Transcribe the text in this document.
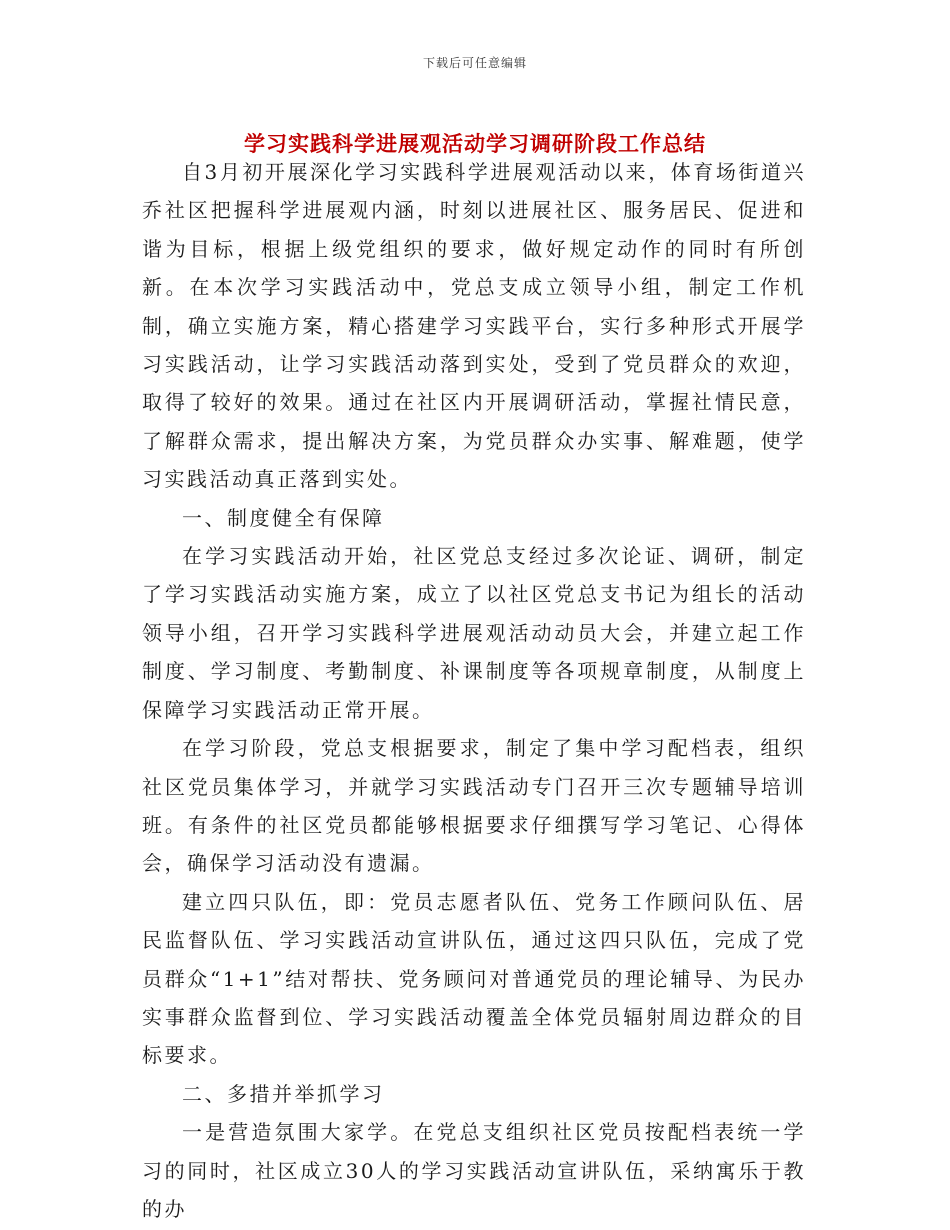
下载后可任意编辑
学习实践科学进展观活动学习调研阶段工作总结

自3月初开展深化学习实践科学进展观活动以来，体育场街道兴乔社区把握科学进展观内涵，时刻以进展社区、服务居民、促进和谐为目标，根据上级党组织的要求，做好规定动作的同时有所创新。在本次学习实践活动中，党总支成立领导小组，制定工作机制，确立实施方案，精心搭建学习实践平台，实行多种形式开展学习实践活动，让学习实践活动落到实处，受到了党员群众的欢迎，取得了较好的效果。通过在社区内开展调研活动，掌握社情民意，了解群众需求，提出解决方案，为党员群众办实事、解难题，使学习实践活动真正落到实处。

一、制度健全有保障

在学习实践活动开始，社区党总支经过多次论证、调研，制定了学习实践活动实施方案，成立了以社区党总支书记为组长的活动领导小组，召开学习实践科学进展观活动动员大会，并建立起工作制度、学习制度、考勤制度、补课制度等各项规章制度，从制度上保障学习实践活动正常开展。

在学习阶段，党总支根据要求，制定了集中学习配档表，组织社区党员集体学习，并就学习实践活动专门召开三次专题辅导培训班。有条件的社区党员都能够根据要求仔细撰写学习笔记、心得体会，确保学习活动没有遗漏。

建立四只队伍，即：党员志愿者队伍、党务工作顾问队伍、居民监督队伍、学习实践活动宣讲队伍，通过这四只队伍，完成了党员群众“1+1”结对帮扶、党务顾问对普通党员的理论辅导、为民办实事群众监督到位、学习实践活动覆盖全体党员辐射周边群众的目标要求。

二、多措并举抓学习

一是营造氛围大家学。在党总支组织社区党员按配档表统一学习的同时，社区成立30人的学习实践活动宣讲队伍，采纳寓乐于教的办
